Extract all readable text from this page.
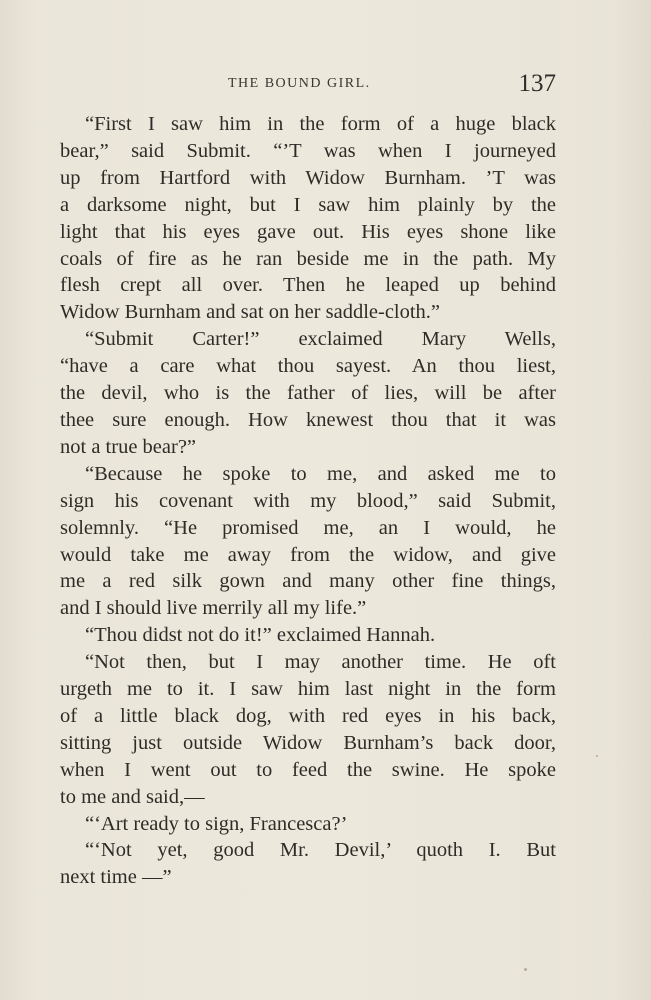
THE BOUND GIRL.	137
“First I saw him in the form of a huge black
bear,” said Submit. “’T was when I journeyed
up from Hartford with Widow Burnham. ’T was
a darksome night, but I saw him plainly by the
light that his eyes gave out. His eyes shone like
coals of fire as he ran beside me in the path. My
flesh crept all over. Then he leaped up behind
Widow Burnham and sat on her saddle-cloth.”
“Submit Carter!” exclaimed Mary Wells,
“have a care what thou sayest. An thou liest,
the devil, who is the father of lies, will be after
thee sure enough. How knewest thou that it was
not a true bear?”
“Because he spoke to me, and asked me to
sign his covenant with my blood,” said Submit,
solemnly. “He promised me, an I would, he
would take me away from the widow, and give
me a red silk gown and many other fine things,
and I should live merrily all my life.”
“Thou didst not do it!” exclaimed Hannah.
“Not then, but I may another time. He oft
urgeth me to it. I saw him last night in the form
of a little black dog, with red eyes in his back,
sitting just outside Widow Burnham’s back door,
when I went out to feed the swine. He spoke
to me and said,—
“‘Art ready to sign, Francesca?’
“‘Not yet, good Mr. Devil,’ quoth I. But
next time —”
